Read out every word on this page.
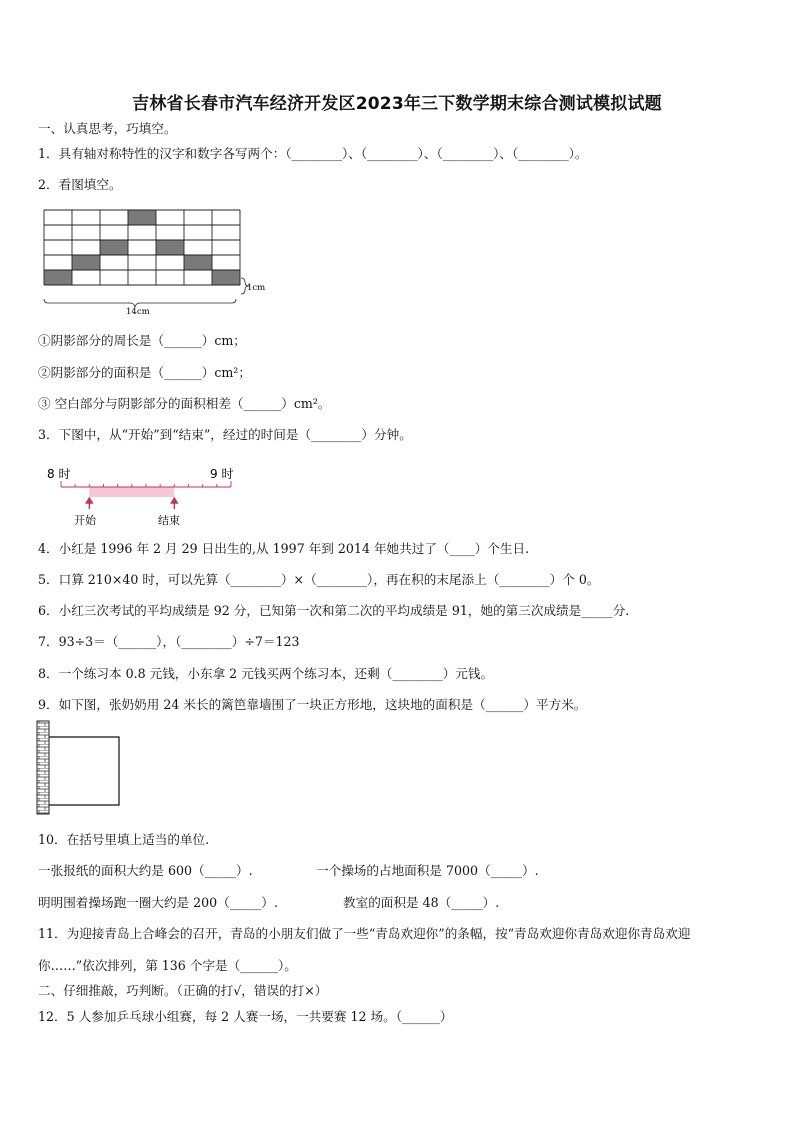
吉林省长春市汽车经济开发区2023年三下数学期末综合测试模拟试题
一、认真思考，巧填空。
1．具有轴对称特性的汉字和数字各写两个：（________）、（________）、（________）、（________）。
2．看图填空。
1cm
14cm
①阴影部分的周长是（______）cm；
②阴影部分的面积是（______）cm²；
③ 空白部分与阴影部分的面积相差（______）cm²。
3．下图中，从“开始”到“结束”，经过的时间是（________）分钟。
8 时	9 时
开始	结束
4．小红是 1996 年 2 月 29 日出生的,从 1997 年到 2014 年她共过了（____）个生日.
5．口算 210×40 时，可以先算（________）×（________），再在积的末尾添上（________）个 0。
6．小红三次考试的平均成绩是 92 分，已知第一次和第二次的平均成绩是 91，她的第三次成绩是_____分.
7．93÷3＝（______），（________）÷7＝123
8．一个练习本 0.8 元钱，小东拿 2 元钱买两个练习本，还剩（________）元钱。
9．如下图，张奶奶用 24 米长的篱笆靠墙围了一块正方形地，这块地的面积是（______）平方米。
10．在括号里填上适当的单位.
一张报纸的面积大约是 600（_____）.	一个操场的占地面积是 7000（_____）.
明明围着操场跑一圈大约是 200（_____）.	教室的面积是 48（_____）.
11．为迎接青岛上合峰会的召开，青岛的小朋友们做了一些“青岛欢迎你”的条幅，按“青岛欢迎你青岛欢迎你青岛欢迎
你……”依次排列，第 136 个字是（______）。
二、仔细推敲，巧判断。（正确的打√，错误的打×）
12．5 人参加乒乓球小组赛，每 2 人赛一场，一共要赛 12 场。（______）
